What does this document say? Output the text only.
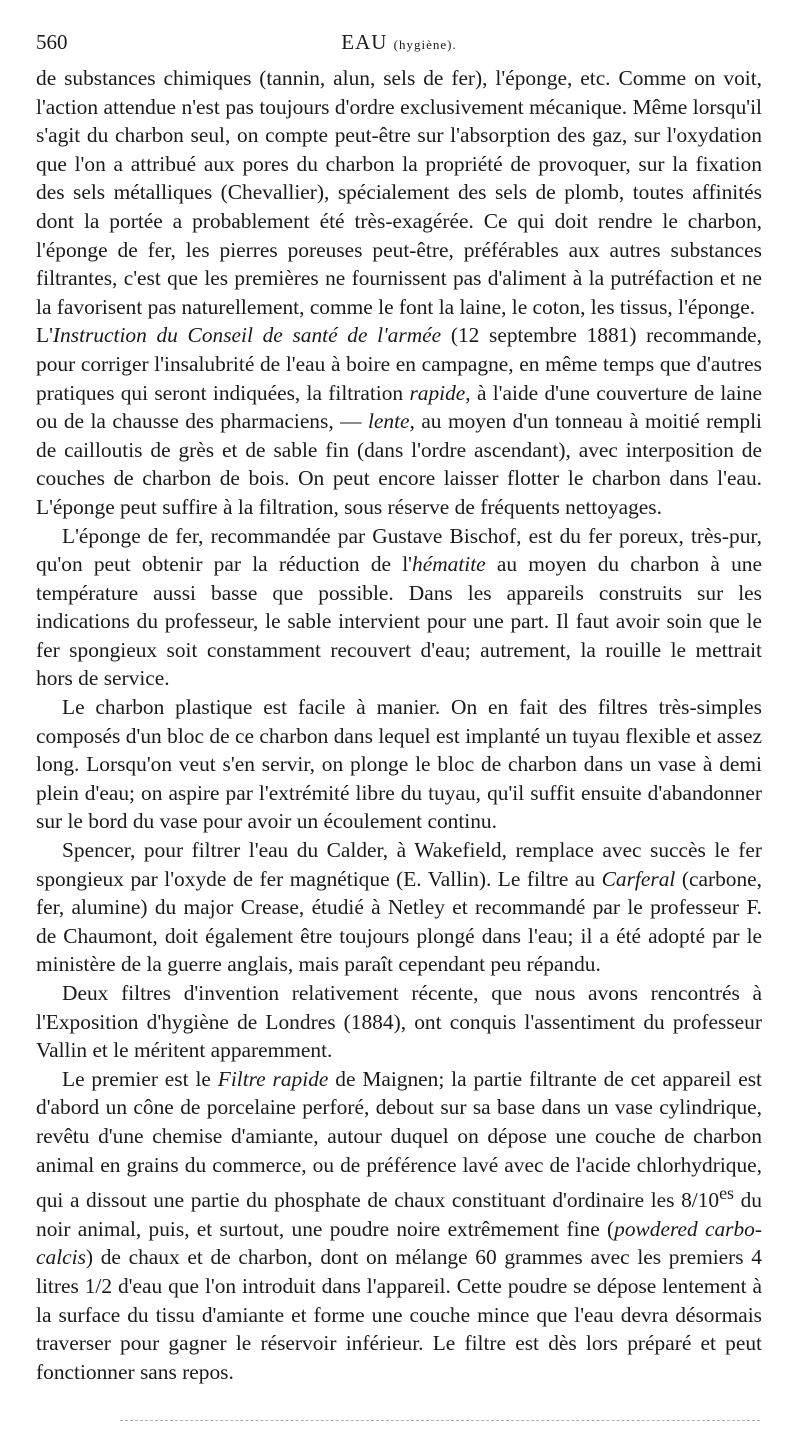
560	EAU (hygiène).

de substances chimiques (tannin, alun, sels de fer), l'éponge, etc. Comme on voit, l'action attendue n'est pas toujours d'ordre exclusivement mécanique. Même lorsqu'il s'agit du charbon seul, on compte peut-être sur l'absorption des gaz, sur l'oxydation que l'on a attribué aux pores du charbon la propriété de provoquer, sur la fixation des sels métalliques (Chevallier), spécialement des sels de plomb, toutes affinités dont la portée a probablement été très-exagérée. Ce qui doit rendre le charbon, l'éponge de fer, les pierres poreuses peut-être, préférables aux autres substances filtrantes, c'est que les premières ne fournissent pas d'aliment à la putréfaction et ne la favorisent pas naturellement, comme le font la laine, le coton, les tissus, l'éponge.

L'Instruction du Conseil de santé de l'armée (12 septembre 1881) recommande, pour corriger l'insalubrité de l'eau à boire en campagne, en même temps que d'autres pratiques qui seront indiquées, la filtration rapide, à l'aide d'une couverture de laine ou de la chausse des pharmaciens, — lente, au moyen d'un tonneau à moitié rempli de cailloutis de grès et de sable fin (dans l'ordre ascendant), avec interposition de couches de charbon de bois. On peut encore laisser flotter le charbon dans l'eau. L'éponge peut suffire à la filtration, sous réserve de fréquents nettoyages.

L'éponge de fer, recommandée par Gustave Bischof, est du fer poreux, très-pur, qu'on peut obtenir par la réduction de l'hématite au moyen du charbon à une température aussi basse que possible. Dans les appareils construits sur les indications du professeur, le sable intervient pour une part. Il faut avoir soin que le fer spongieux soit constamment recouvert d'eau; autrement, la rouille le mettrait hors de service.

Le charbon plastique est facile à manier. On en fait des filtres très-simples composés d'un bloc de ce charbon dans lequel est implanté un tuyau flexible et assez long. Lorsqu'on veut s'en servir, on plonge le bloc de charbon dans un vase à demi plein d'eau; on aspire par l'extrémité libre du tuyau, qu'il suffit ensuite d'abandonner sur le bord du vase pour avoir un écoulement continu.

Spencer, pour filtrer l'eau du Calder, à Wakefield, remplace avec succès le fer spongieux par l'oxyde de fer magnétique (E. Vallin). Le filtre au Carferal (carbone, fer, alumine) du major Crease, étudié à Netley et recommandé par le professeur F. de Chaumont, doit également être toujours plongé dans l'eau; il a été adopté par le ministère de la guerre anglais, mais paraît cependant peu répandu.

Deux filtres d'invention relativement récente, que nous avons rencontrés à l'Exposition d'hygiène de Londres (1884), ont conquis l'assentiment du professeur Vallin et le méritent apparemment.

Le premier est le Filtre rapide de Maignen; la partie filtrante de cet appareil est d'abord un cône de porcelaine perforé, debout sur sa base dans un vase cylindrique, revêtu d'une chemise d'amiante, autour duquel on dépose une couche de charbon animal en grains du commerce, ou de préférence lavé avec de l'acide chlorhydrique, qui a dissout une partie du phosphate de chaux constituant d'ordinaire les $8/10^{es}$ du noir animal, puis, et surtout, une poudre noire extrêmement fine (powdered carbo-calcis) de chaux et de charbon, dont on mélange 60 grammes avec les premiers 4 litres 1/2 d'eau que l'on introduit dans l'appareil. Cette poudre se dépose lentement à la surface du tissu d'amiante et forme une couche mince que l'eau devra désormais traverser pour gagner le réservoir inférieur. Le filtre est dès lors préparé et peut fonctionner sans repos.
